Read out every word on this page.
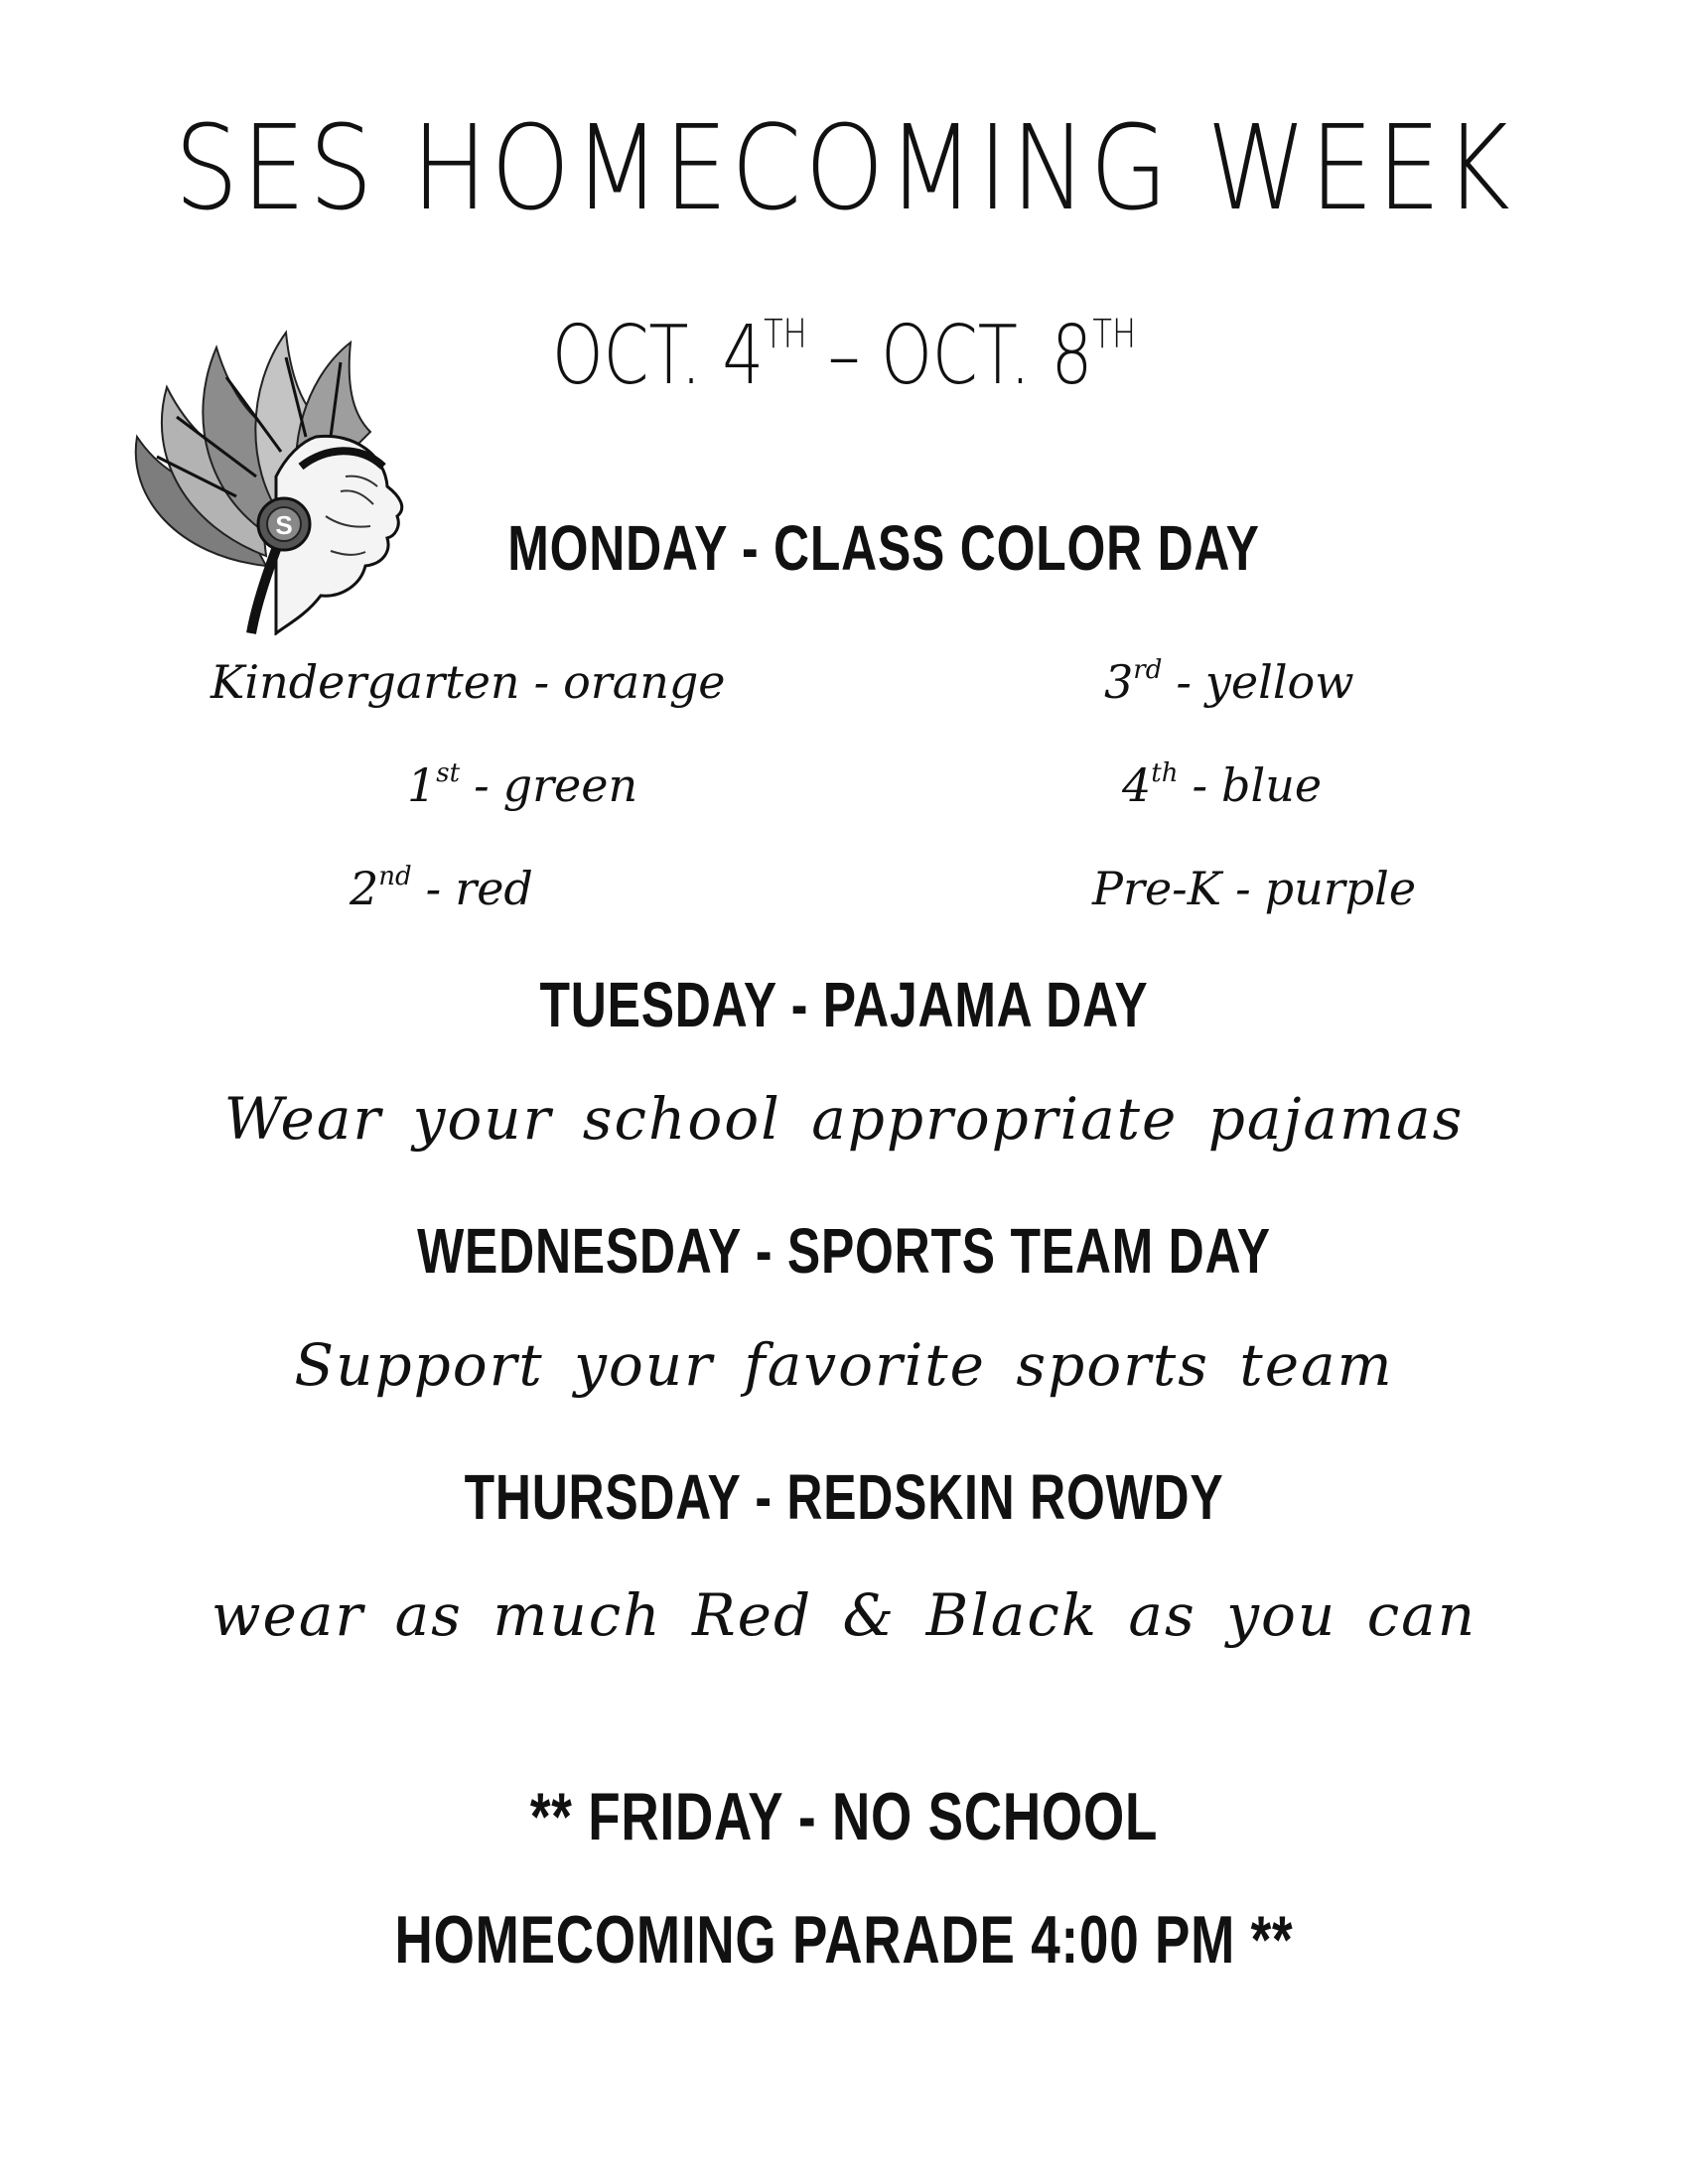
SES HOMECOMING WEEK
OCT. 4TH – OCT. 8TH
S	MONDAY - CLASS COLOR DAY
Kindergarten - orange
1st - green
2nd - red
3rd - yellow
4th - blue
Pre-K - purple
TUESDAY - PAJAMA DAY
Wear your school appropriate pajamas
WEDNESDAY - SPORTS TEAM DAY
Support your favorite sports team
THURSDAY - REDSKIN ROWDY
wear as much Red & Black as you can
** FRIDAY - NO SCHOOL
HOMECOMING PARADE 4:00 PM **
